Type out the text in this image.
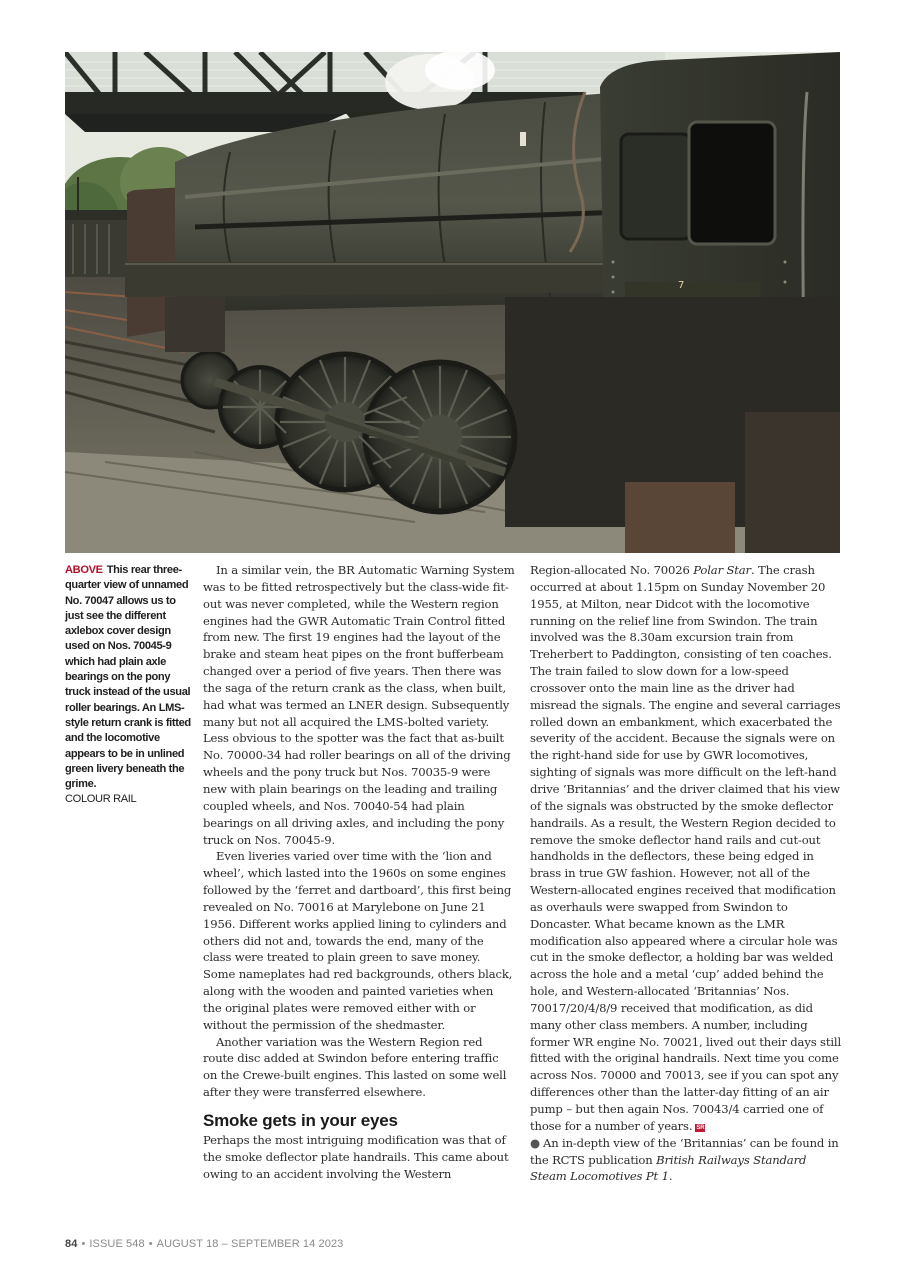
7
ABOVE This rear three-quarter view of unnamed No. 70047 allows us to just see the different axlebox cover design used on Nos. 70045-9 which had plain axle bearings on the pony truck instead of the usual roller bearings. An LMS-style return crank is fitted and the locomotive appears to be in unlined green livery beneath the grime.
COLOUR RAIL

In a similar vein, the BR Automatic Warning System was to be fitted retrospectively but the class-wide fit-out was never completed, while the Western region engines had the GWR Automatic Train Control fitted from new. The first 19 engines had the layout of the brake and steam heat pipes on the front bufferbeam changed over a period of five years. Then there was the saga of the return crank as the class, when built, had what was termed an LNER design. Subsequently many but not all acquired the LMS-bolted variety. Less obvious to the spotter was the fact that as-built No. 70000-34 had roller bearings on all of the driving wheels and the pony truck but Nos. 70035-9 were new with plain bearings on the leading and trailing coupled wheels, and Nos. 70040-54 had plain bearings on all driving axles, and including the pony truck on Nos. 70045-9.

Even liveries varied over time with the ‘lion and wheel’, which lasted into the 1960s on some engines followed by the ‘ferret and dartboard’, this first being revealed on No. 70016 at Marylebone on June 21 1956. Different works applied lining to cylinders and others did not and, towards the end, many of the class were treated to plain green to save money. Some nameplates had red backgrounds, others black, along with the wooden and painted varieties when the original plates were removed either with or without the permission of the shedmaster.

Another variation was the Western Region red route disc added at Swindon before entering traffic on the Crewe-built engines. This lasted on some well after they were transferred elsewhere.

Smoke gets in your eyes

Perhaps the most intriguing modification was that of the smoke deflector plate handrails. This came about owing to an accident involving the Western

Region-allocated No. 70026 Polar Star. The crash occurred at about 1.15pm on Sunday November 20 1955, at Milton, near Didcot with the locomotive running on the relief line from Swindon. The train involved was the 8.30am excursion train from Treherbert to Paddington, consisting of ten coaches. The train failed to slow down for a low-speed crossover onto the main line as the driver had misread the signals. The engine and several carriages rolled down an embankment, which exacerbated the severity of the accident. Because the signals were on the right-hand side for use by GWR locomotives, sighting of signals was more difficult on the left-hand drive ‘Britannias’ and the driver claimed that his view of the signals was obstructed by the smoke deflector handrails. As a result, the Western Region decided to remove the smoke deflector hand rails and cut-out handholds in the deflectors, these being edged in brass in true GW fashion. However, not all of the Western-allocated engines received that modification as overhauls were swapped from Swindon to Doncaster. What became known as the LMR modification also appeared where a circular hole was cut in the smoke deflector, a holding bar was welded across the hole and a metal ‘cup’ added behind the hole, and Western-allocated ‘Britannias’ Nos. 70017/20/4/8/9 received that modification, as did many other class members. A number, including former WR engine No. 70021, lived out their days still fitted with the original handrails. Next time you come across Nos. 70000 and 70013, see if you can spot any differences other than the latter-day fitting of an air pump – but then again Nos. 70043/4 carried one of those for a number of years. SR

● An in-depth view of the ‘Britannias’ can be found in the RCTS publication British Railways Standard Steam Locomotives Pt 1.

84 • ISSUE 548 • AUGUST 18 – SEPTEMBER 14 2023
